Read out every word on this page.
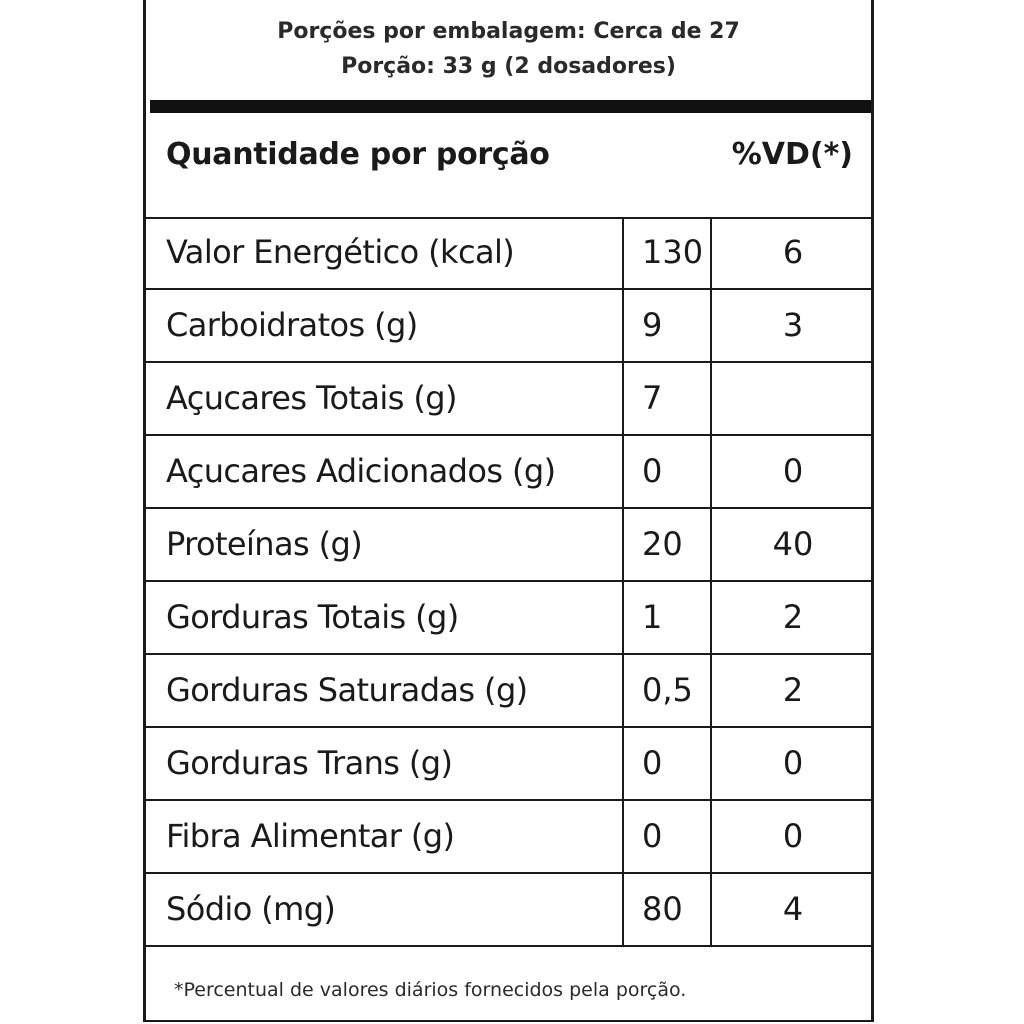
Porções por embalagem: Cerca de 27
Porção: 33 g (2 dosadores)
Quantidade por porção	%VD(*)
Valor Energético (kcal)	130	6
Carboidratos (g)	9	3
Açucares Totais (g)	7
Açucares Adicionados (g)	0	0
Proteínas (g)	20	40
Gorduras Totais (g)	1	2
Gorduras Saturadas (g)	0,5	2
Gorduras Trans (g)	0	0
Fibra Alimentar (g)	0	0
Sódio (mg)	80	4
*Percentual de valores diários fornecidos pela porção.
